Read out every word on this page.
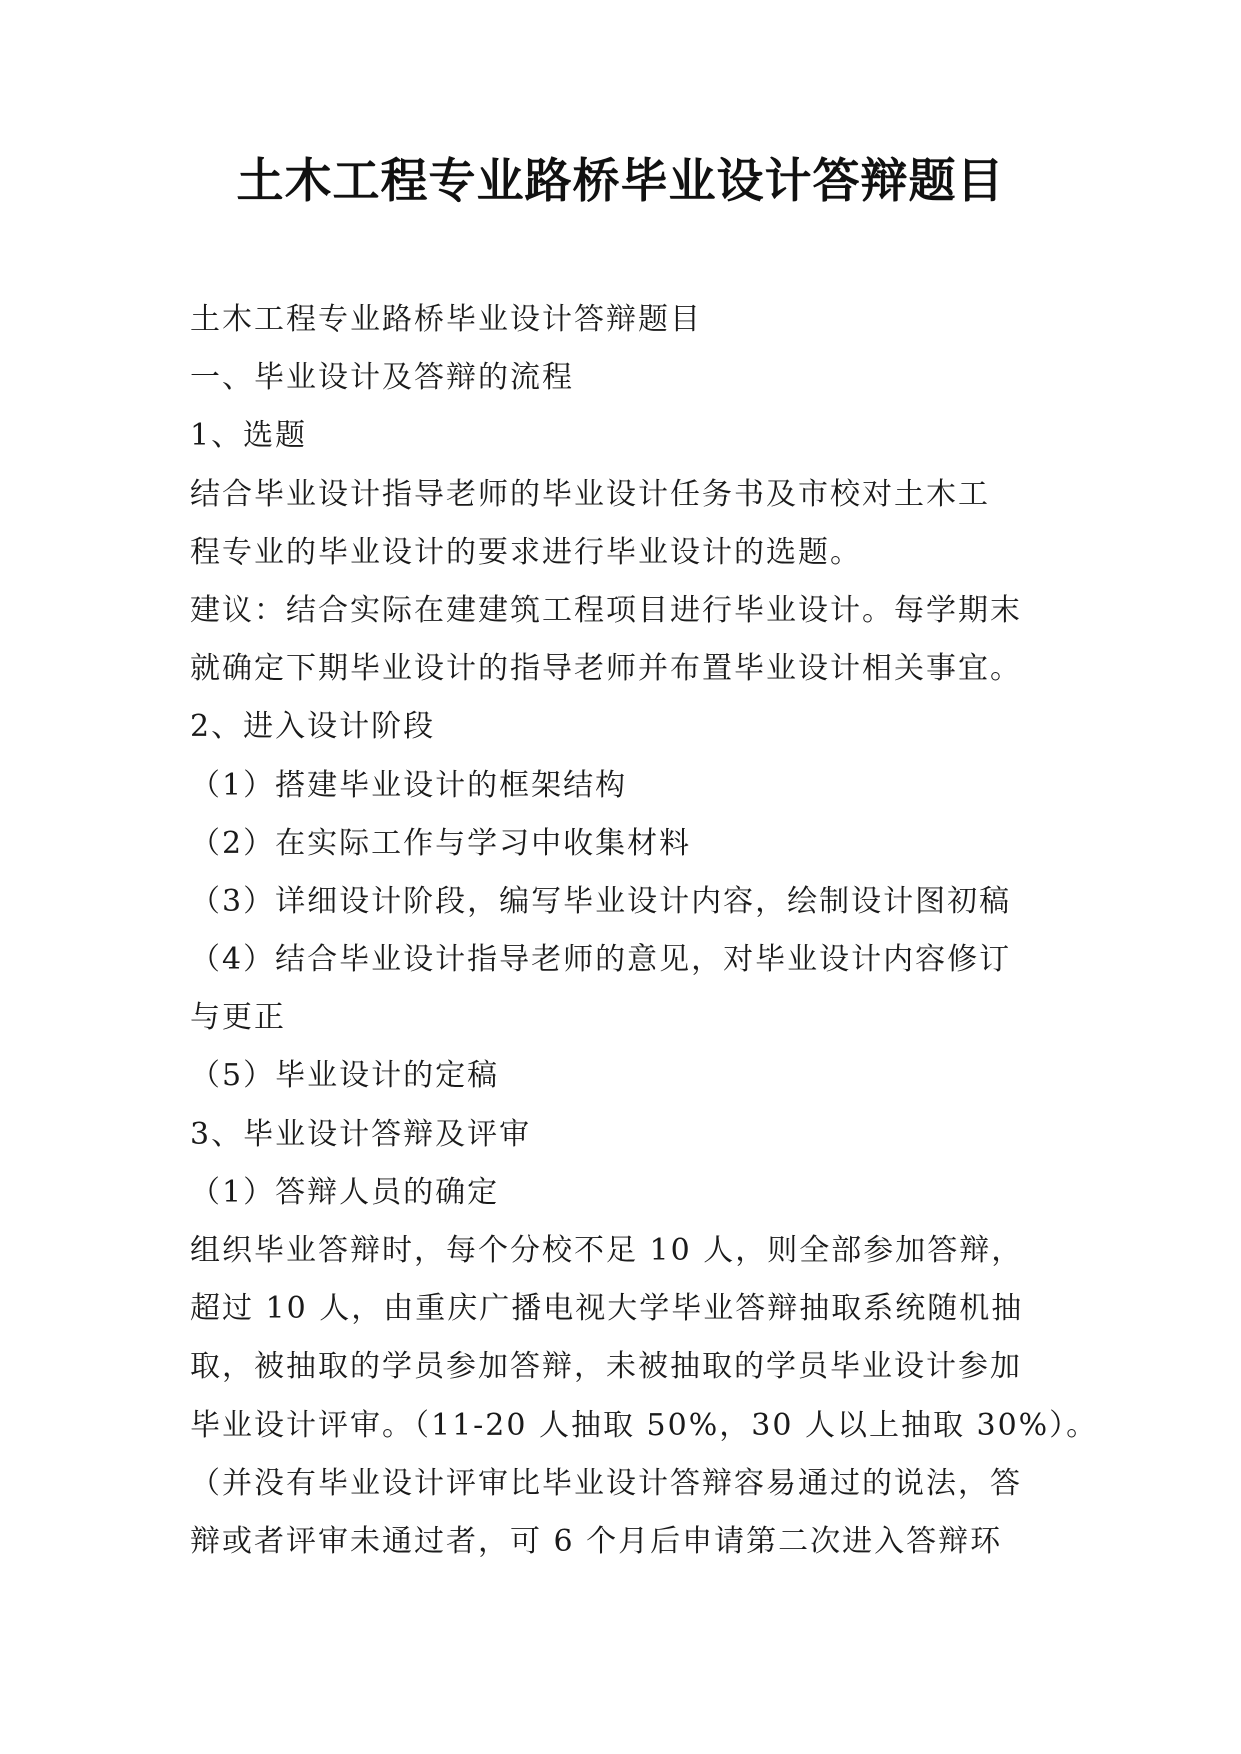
土木工程专业路桥毕业设计答辩题目
土木工程专业路桥毕业设计答辩题目
一、毕业设计及答辩的流程
1、选题
结合毕业设计指导老师的毕业设计任务书及市校对土木工
程专业的毕业设计的要求进行毕业设计的选题。
建议：结合实际在建建筑工程项目进行毕业设计。每学期末
就确定下期毕业设计的指导老师并布置毕业设计相关事宜。
2、进入设计阶段
（1）搭建毕业设计的框架结构
（2）在实际工作与学习中收集材料
（3）详细设计阶段，编写毕业设计内容，绘制设计图初稿
（4）结合毕业设计指导老师的意见，对毕业设计内容修订
与更正
（5）毕业设计的定稿
3、毕业设计答辩及评审
（1）答辩人员的确定
组织毕业答辩时，每个分校不足 10 人，则全部参加答辩，
超过 10 人，由重庆广播电视大学毕业答辩抽取系统随机抽
取，被抽取的学员参加答辩，未被抽取的学员毕业设计参加
毕业设计评审。（11-20 人抽取 50%，30 人以上抽取 30%）。
（并没有毕业设计评审比毕业设计答辩容易通过的说法，答
辩或者评审未通过者，可 6 个月后申请第二次进入答辩环
